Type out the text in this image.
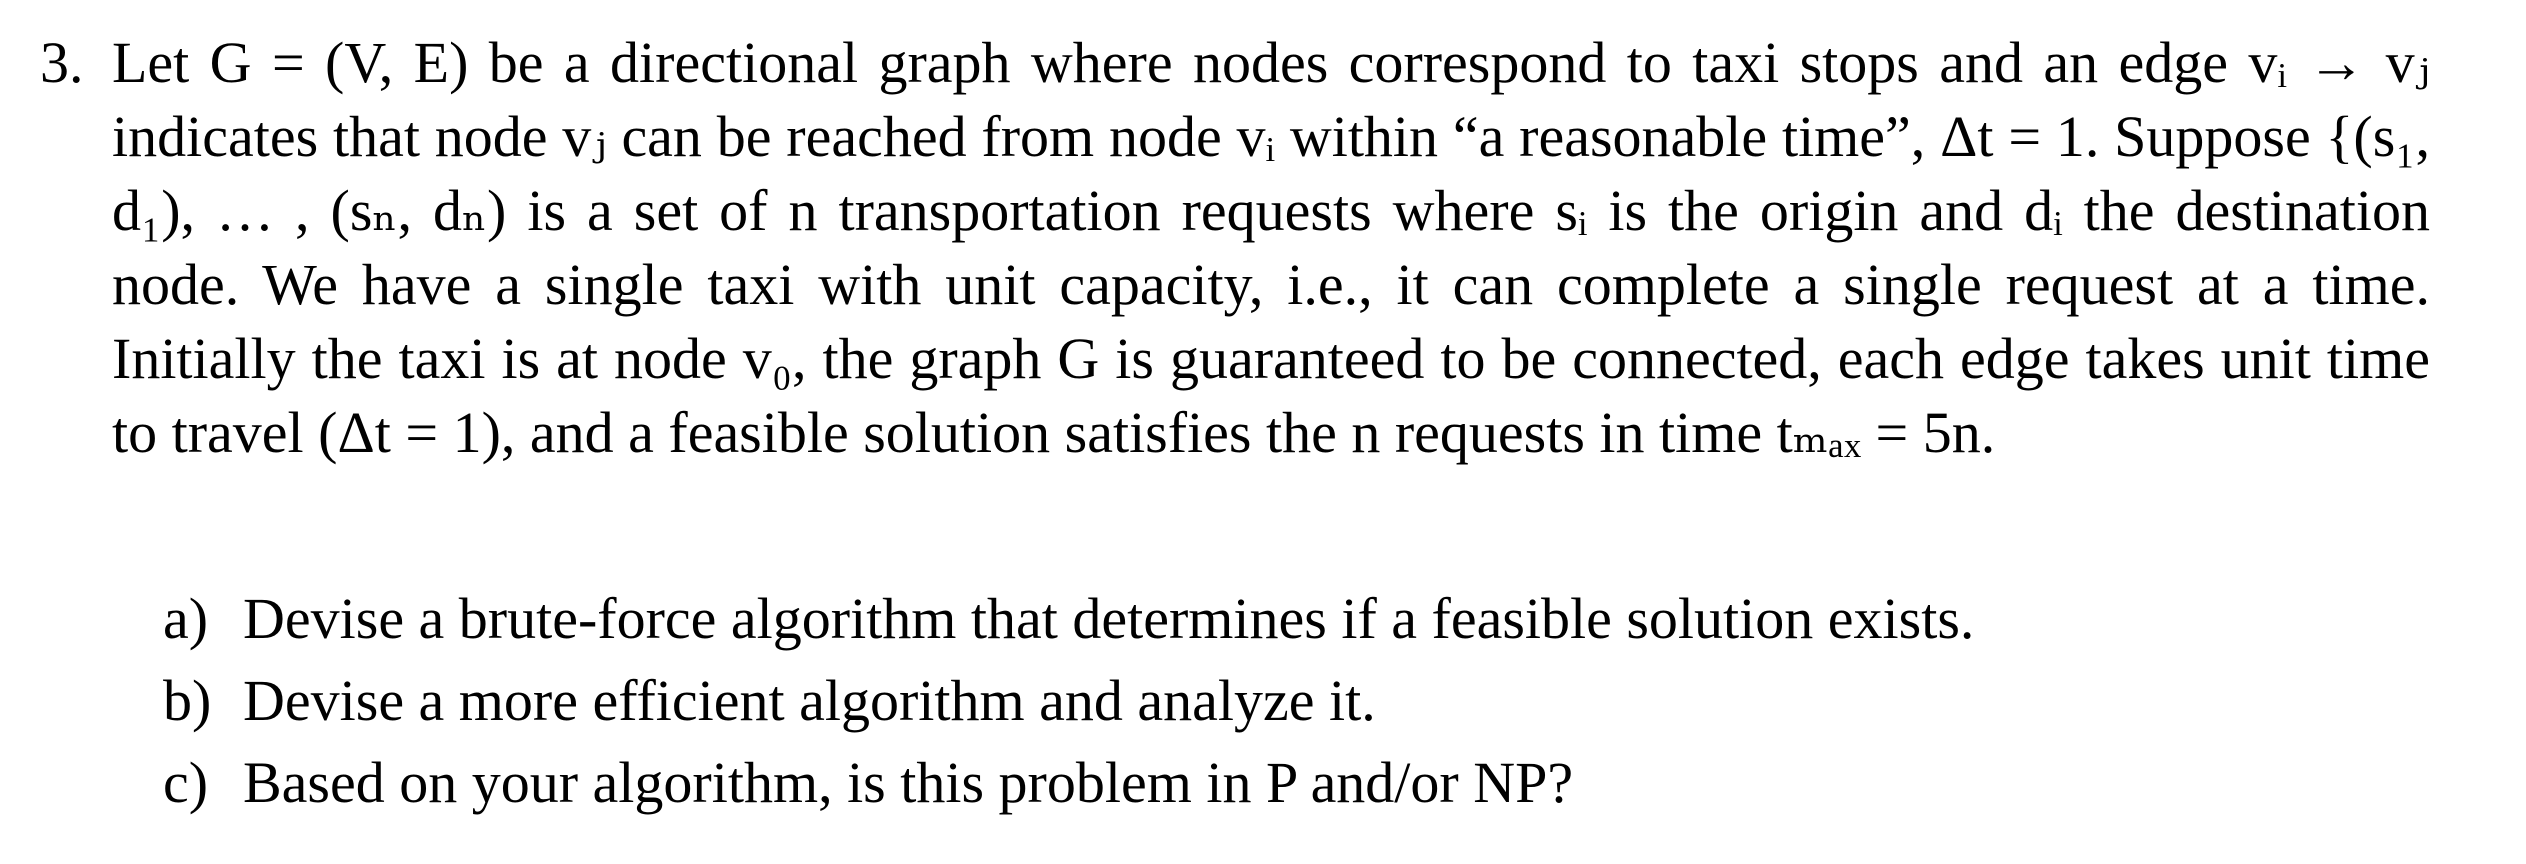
3. Let G = (V, E) be a directional graph where nodes correspond to taxi stops and an edge vᵢ → vⱼ indicates that node vⱼ can be reached from node vᵢ within “a reasonable time”, Δt = 1. Suppose {(s₁, d₁), … , (sₙ, dₙ) is a set of n transportation requests where sᵢ is the origin and dᵢ the destination node. We have a single taxi with unit capacity, i.e., it can complete a single request at a time. Initially the taxi is at node v₀, the graph G is guaranteed to be connected, each edge takes unit time to travel (Δt = 1), and a feasible solution satisfies the n requests in time tₘₐₓ = 5n.
a) Devise a brute-force algorithm that determines if a feasible solution exists.
b) Devise a more efficient algorithm and analyze it.
c) Based on your algorithm, is this problem in P and/or NP?
